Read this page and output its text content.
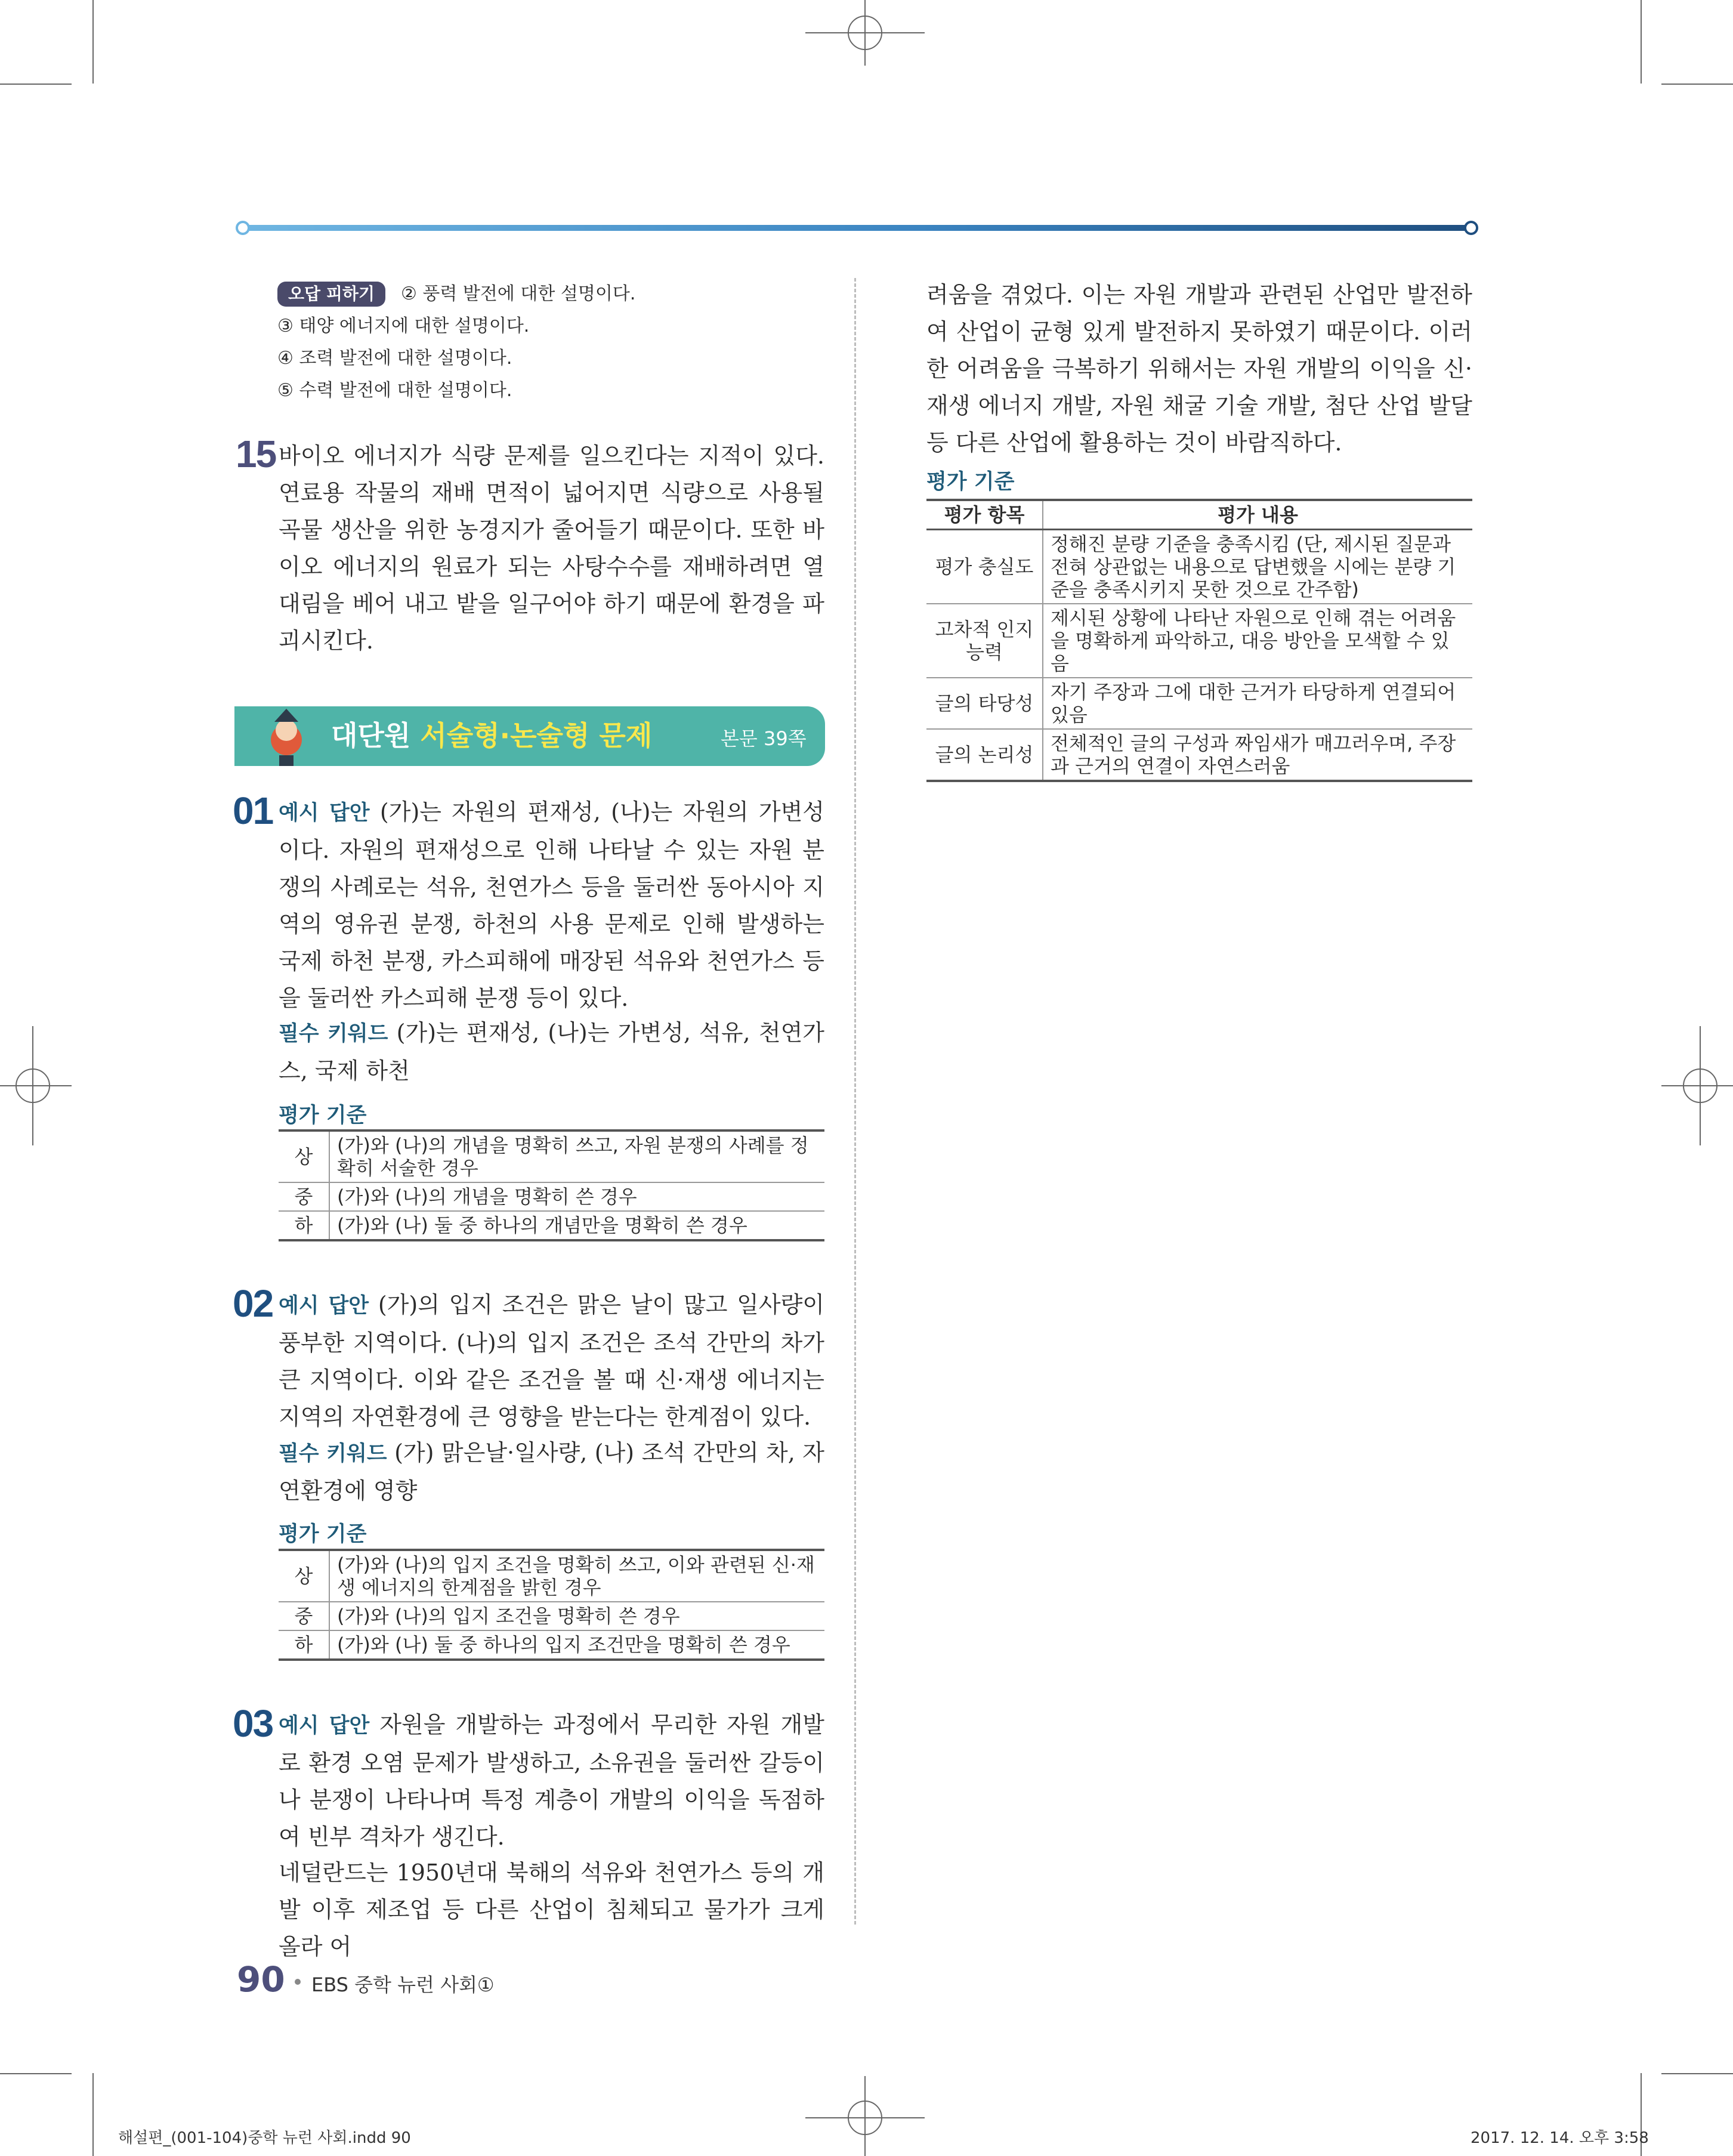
오답 피하기 ② 풍력 발전에 대한 설명이다.
③ 태양 에너지에 대한 설명이다.
④ 조력 발전에 대한 설명이다.
⑤ 수력 발전에 대한 설명이다.
15 바이오 에너지가 식량 문제를 일으킨다는 지적이 있다. 연료용 작물의 재배 면적이 넓어지면 식량으로 사용될 곡물 생산을 위한 농경지가 줄어들기 때문이다. 또한 바이오 에너지의 원료가 되는 사탕수수를 재배하려면 열대림을 베어 내고 밭을 일구어야 하기 때문에 환경을 파괴시킨다.
대단원 서술형·논술형 문제	본문 39쪽
01 예시 답안 (가)는 자원의 편재성, (나)는 자원의 가변성이다. 자원의 편재성으로 인해 나타날 수 있는 자원 분쟁의 사례로는 석유, 천연가스 등을 둘러싼 동아시아 지역의 영유권 분쟁, 하천의 사용 문제로 인해 발생하는 국제 하천 분쟁, 카스피해에 매장된 석유와 천연가스 등을 둘러싼 카스피해 분쟁 등이 있다.
필수 키워드 (가)는 편재성, (나)는 가변성, 석유, 천연가스, 국제 하천
평가 기준
상	(가)와 (나)의 개념을 명확히 쓰고, 자원 분쟁의 사례를 정확히 서술한 경우
중	(가)와 (나)의 개념을 명확히 쓴 경우
하	(가)와 (나) 둘 중 하나의 개념만을 명확히 쓴 경우
02 예시 답안 (가)의 입지 조건은 맑은 날이 많고 일사량이 풍부한 지역이다. (나)의 입지 조건은 조석 간만의 차가 큰 지역이다. 이와 같은 조건을 볼 때 신·재생 에너지는 지역의 자연환경에 큰 영향을 받는다는 한계점이 있다.
필수 키워드 (가) 맑은날·일사량, (나) 조석 간만의 차, 자연환경에 영향
평가 기준
상	(가)와 (나)의 입지 조건을 명확히 쓰고, 이와 관련된 신·재생 에너지의 한계점을 밝힌 경우
중	(가)와 (나)의 입지 조건을 명확히 쓴 경우
하	(가)와 (나) 둘 중 하나의 입지 조건만을 명확히 쓴 경우
03 예시 답안 자원을 개발하는 과정에서 무리한 자원 개발로 환경 오염 문제가 발생하고, 소유권을 둘러싼 갈등이나 분쟁이 나타나며 특정 계층이 개발의 이익을 독점하여 빈부 격차가 생긴다.
네덜란드는 1950년대 북해의 석유와 천연가스 등의 개발 이후 제조업 등 다른 산업이 침체되고 물가가 크게 올라 어
려움을 겪었다. 이는 자원 개발과 관련된 산업만 발전하여 산업이 균형 있게 발전하지 못하였기 때문이다. 이러한 어려움을 극복하기 위해서는 자원 개발의 이익을 신·재생 에너지 개발, 자원 채굴 기술 개발, 첨단 산업 발달 등 다른 산업에 활용하는 것이 바람직하다.
평가 기준
평가 항목	평가 내용
평가 충실도	정해진 분량 기준을 충족시킴 (단, 제시된 질문과 전혀 상관없는 내용으로 답변했을 시에는 분량 기준을 충족시키지 못한 것으로 간주함)
고차적 인지 능력	제시된 상황에 나타난 자원으로 인해 겪는 어려움을 명확하게 파악하고, 대응 방안을 모색할 수 있음
글의 타당성	자기 주장과 그에 대한 근거가 타당하게 연결되어 있음
글의 논리성	전체적인 글의 구성과 짜임새가 매끄러우며, 주장과 근거의 연결이 자연스러움
90 EBS 중학 뉴런 사회①
해설편_(001-104)중학 뉴런 사회.indd 90	2017. 12. 14. 오후 3:58
